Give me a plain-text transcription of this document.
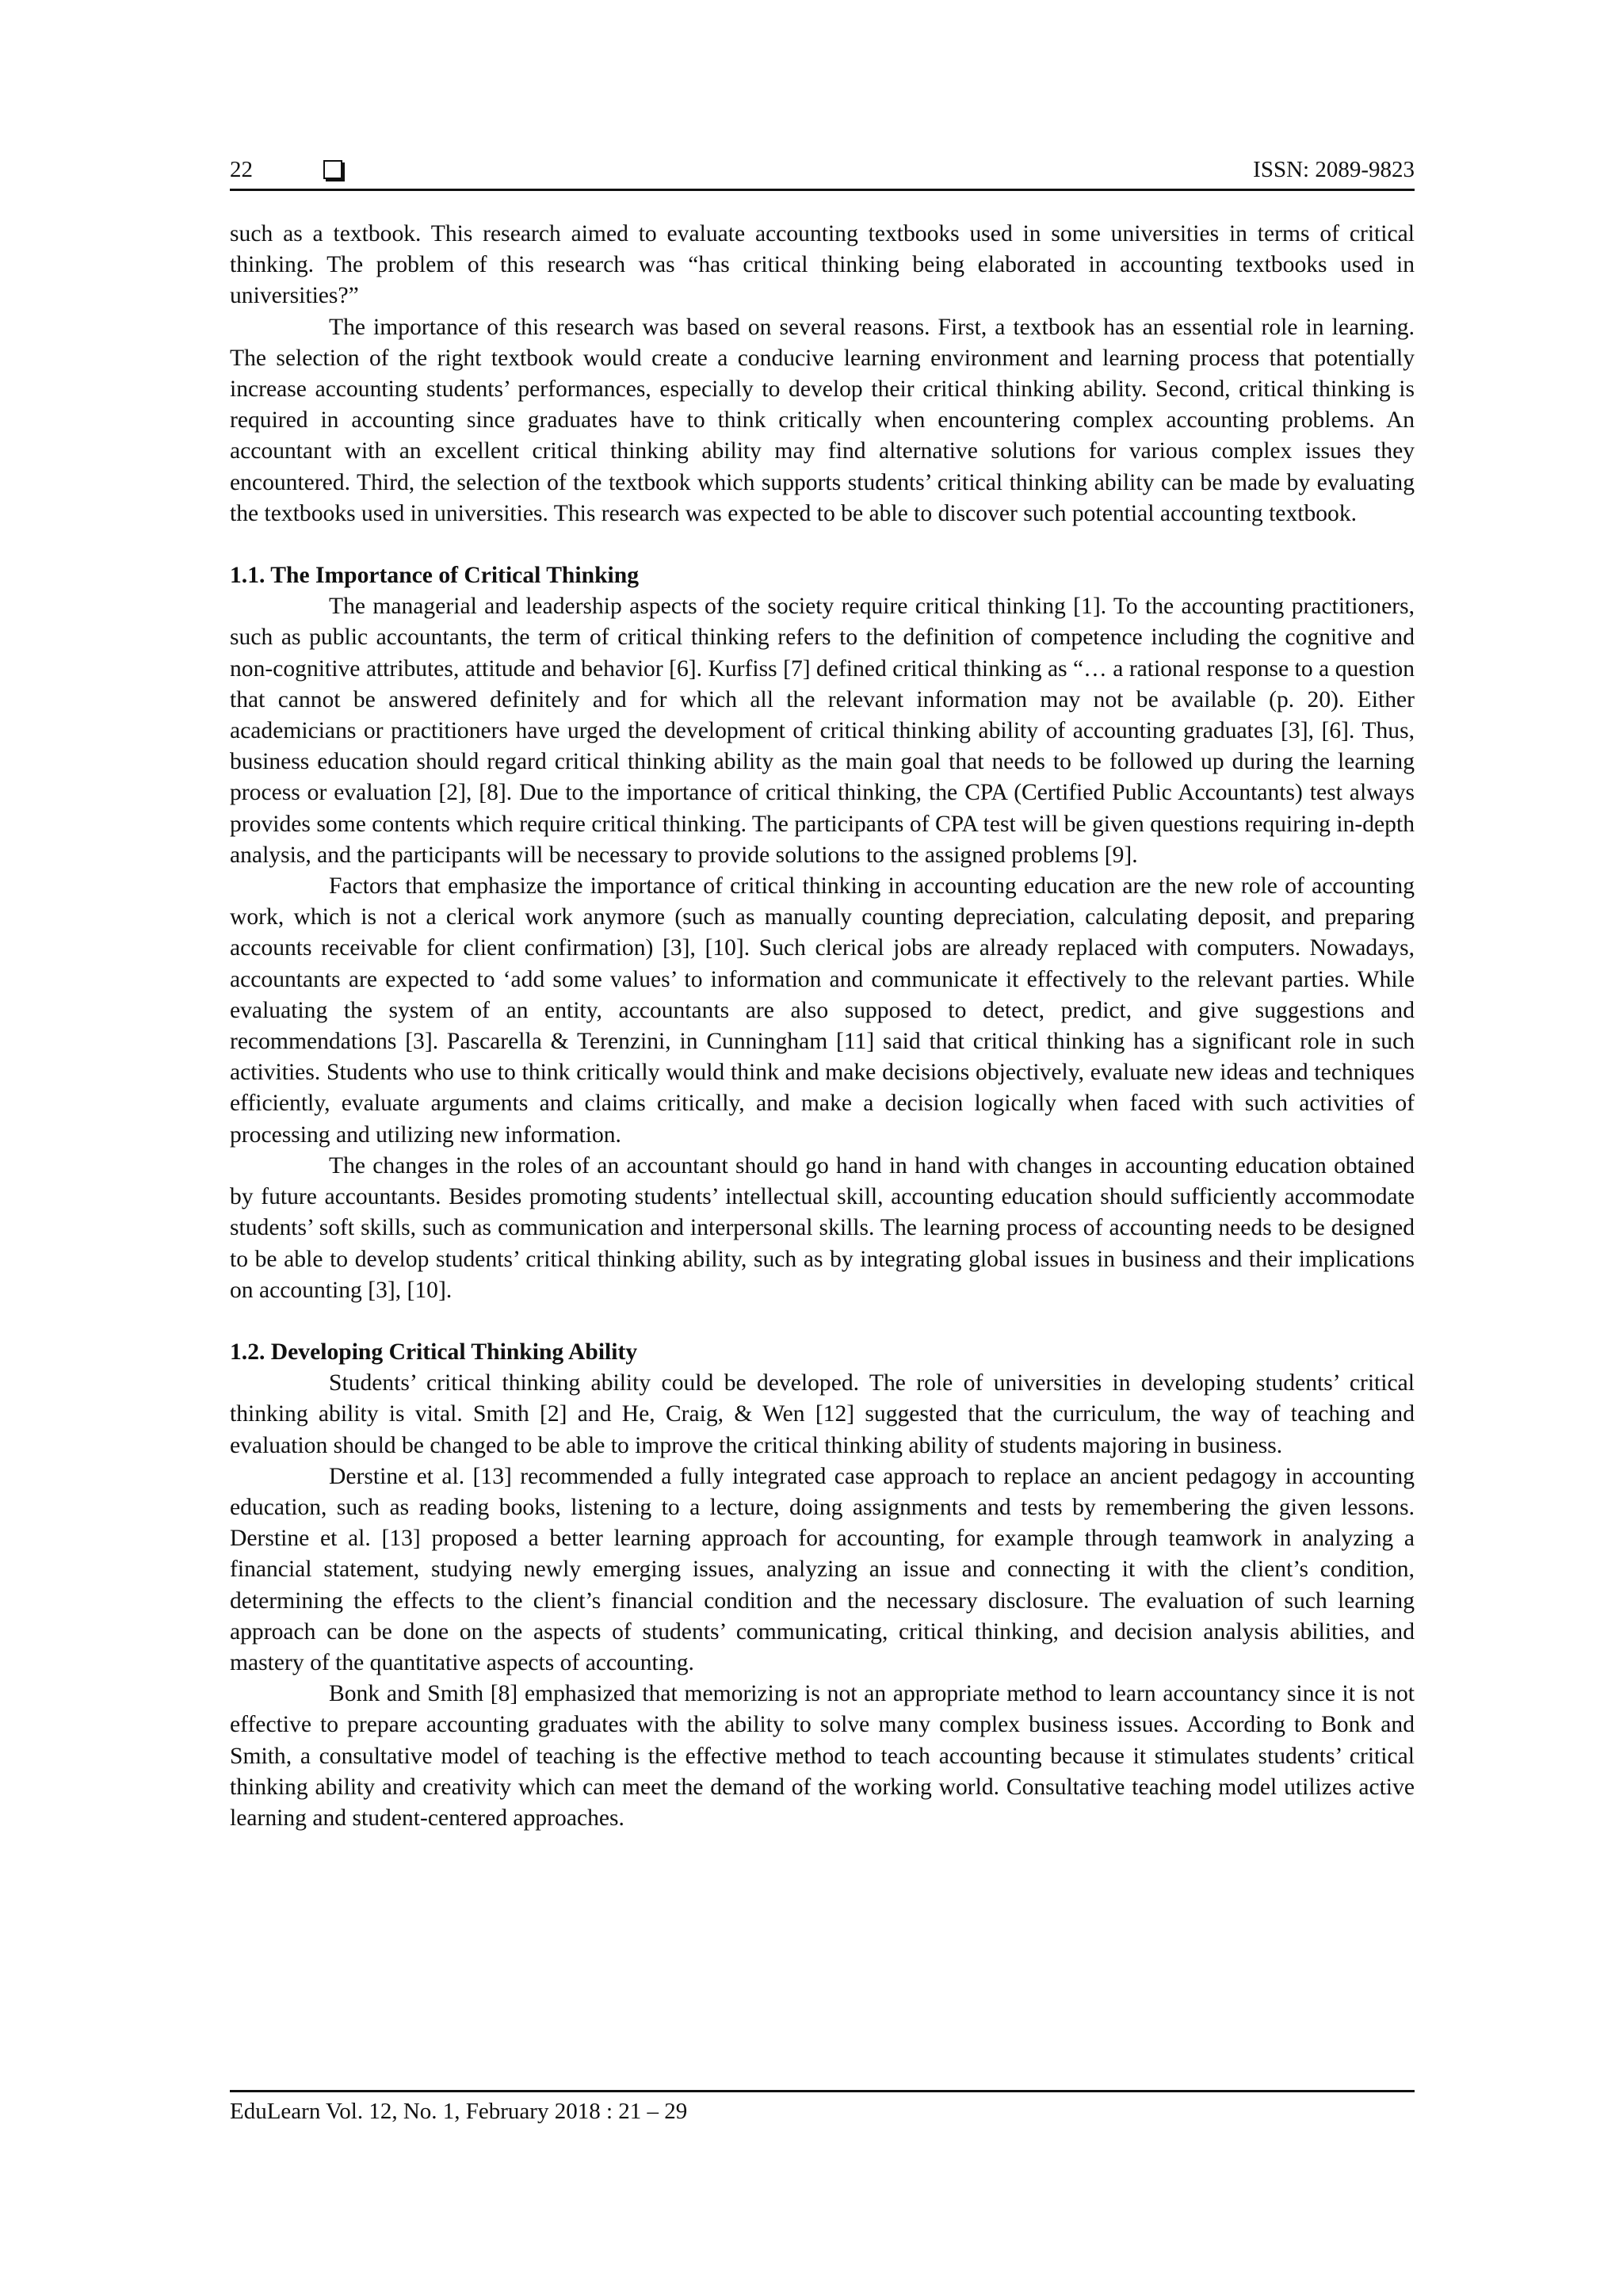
22	ISSN: 2089-9823

such as a textbook. This research aimed to evaluate accounting textbooks used in some universities in terms of critical thinking. The problem of this research was “has critical thinking being elaborated in accounting textbooks used in universities?”

The importance of this research was based on several reasons. First, a textbook has an essential role in learning. The selection of the right textbook would create a conducive learning environment and learning process that potentially increase accounting students’ performances, especially to develop their critical thinking ability. Second, critical thinking is required in accounting since graduates have to think critically when encountering complex accounting problems. An accountant with an excellent critical thinking ability may find alternative solutions for various complex issues they encountered. Third, the selection of the textbook which supports students’ critical thinking ability can be made by evaluating the textbooks used in universities. This research was expected to be able to discover such potential accounting textbook.

1.1. The Importance of Critical Thinking

The managerial and leadership aspects of the society require critical thinking [1]. To the accounting practitioners, such as public accountants, the term of critical thinking refers to the definition of competence including the cognitive and non-cognitive attributes, attitude and behavior [6]. Kurfiss [7] defined critical thinking as “… a rational response to a question that cannot be answered definitely and for which all the relevant information may not be available (p. 20). Either academicians or practitioners have urged the development of critical thinking ability of accounting graduates [3], [6]. Thus, business education should regard critical thinking ability as the main goal that needs to be followed up during the learning process or evaluation [2], [8]. Due to the importance of critical thinking, the CPA (Certified Public Accountants) test always provides some contents which require critical thinking. The participants of CPA test will be given questions requiring in-depth analysis, and the participants will be necessary to provide solutions to the assigned problems [9].

Factors that emphasize the importance of critical thinking in accounting education are the new role of accounting work, which is not a clerical work anymore (such as manually counting depreciation, calculating deposit, and preparing accounts receivable for client confirmation) [3], [10]. Such clerical jobs are already replaced with computers. Nowadays, accountants are expected to ‘add some values’ to information and communicate it effectively to the relevant parties. While evaluating the system of an entity, accountants are also supposed to detect, predict, and give suggestions and recommendations [3]. Pascarella & Terenzini, in Cunningham [11] said that critical thinking has a significant role in such activities. Students who use to think critically would think and make decisions objectively, evaluate new ideas and techniques efficiently, evaluate arguments and claims critically, and make a decision logically when faced with such activities of processing and utilizing new information.

The changes in the roles of an accountant should go hand in hand with changes in accounting education obtained by future accountants. Besides promoting students’ intellectual skill, accounting education should sufficiently accommodate students’ soft skills, such as communication and interpersonal skills. The learning process of accounting needs to be designed to be able to develop students’ critical thinking ability, such as by integrating global issues in business and their implications on accounting [3], [10].

1.2. Developing Critical Thinking Ability

Students’ critical thinking ability could be developed. The role of universities in developing students’ critical thinking ability is vital. Smith [2] and He, Craig, & Wen [12] suggested that the curriculum, the way of teaching and evaluation should be changed to be able to improve the critical thinking ability of students majoring in business.

Derstine et al. [13] recommended a fully integrated case approach to replace an ancient pedagogy in accounting education, such as reading books, listening to a lecture, doing assignments and tests by remembering the given lessons. Derstine et al. [13] proposed a better learning approach for accounting, for example through teamwork in analyzing a financial statement, studying newly emerging issues, analyzing an issue and connecting it with the client’s condition, determining the effects to the client’s financial condition and the necessary disclosure. The evaluation of such learning approach can be done on the aspects of students’ communicating, critical thinking, and decision analysis abilities, and mastery of the quantitative aspects of accounting.

Bonk and Smith [8] emphasized that memorizing is not an appropriate method to learn accountancy since it is not effective to prepare accounting graduates with the ability to solve many complex business issues. According to Bonk and Smith, a consultative model of teaching is the effective method to teach accounting because it stimulates students’ critical thinking ability and creativity which can meet the demand of the working world. Consultative teaching model utilizes active learning and student-centered approaches.

EduLearn Vol. 12, No. 1, February 2018 : 21 – 29
